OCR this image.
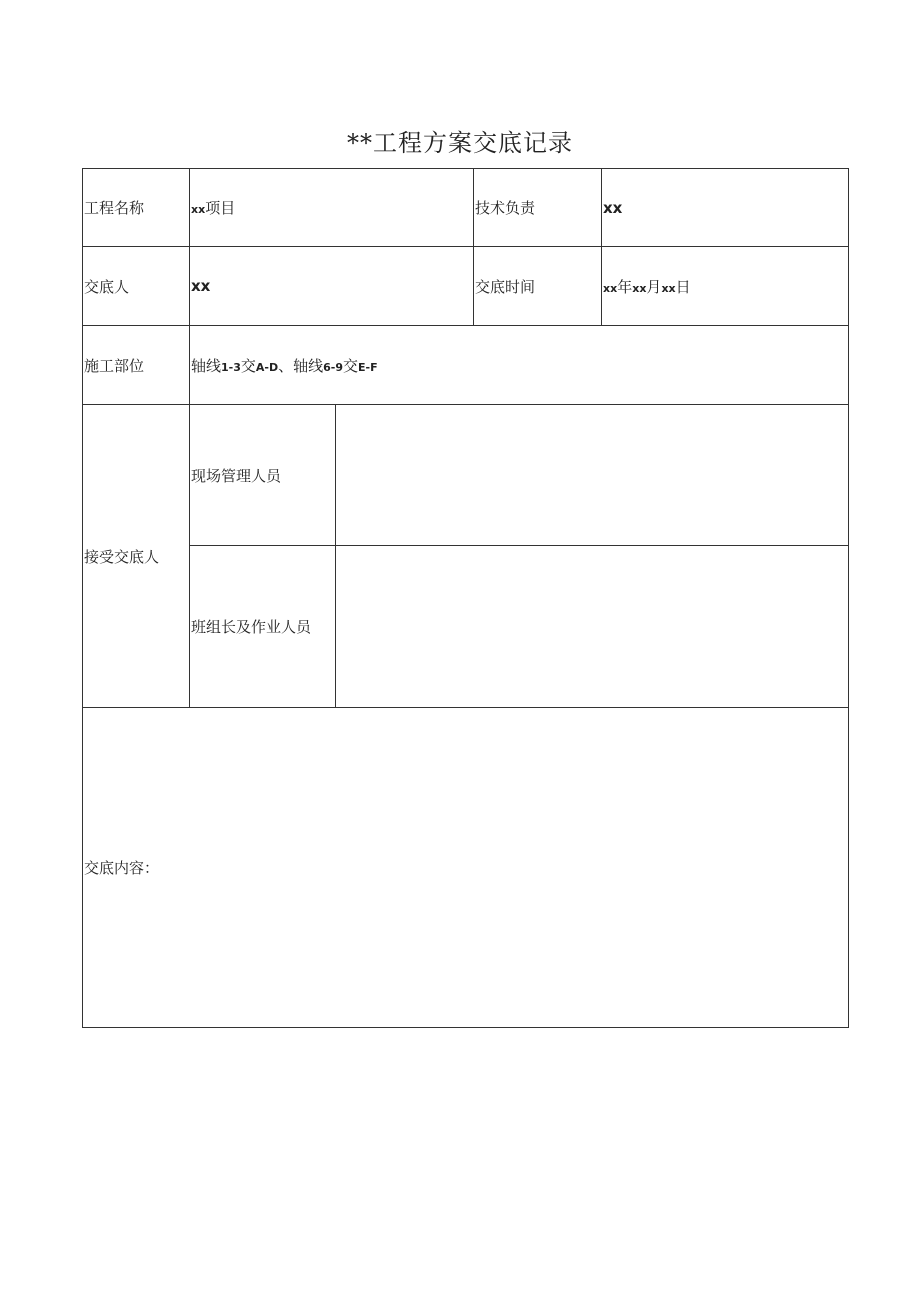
**工程方案交底记录
工程名称	xx项目		技术负责	xx
交底人	xx		交底时间	xx年xx月xx日
施工部位	轴线1-3交A-D、轴线6-9交E-F			
接受交底人	现场管理人员			
	班组长及作业人员			
交底内容：				
